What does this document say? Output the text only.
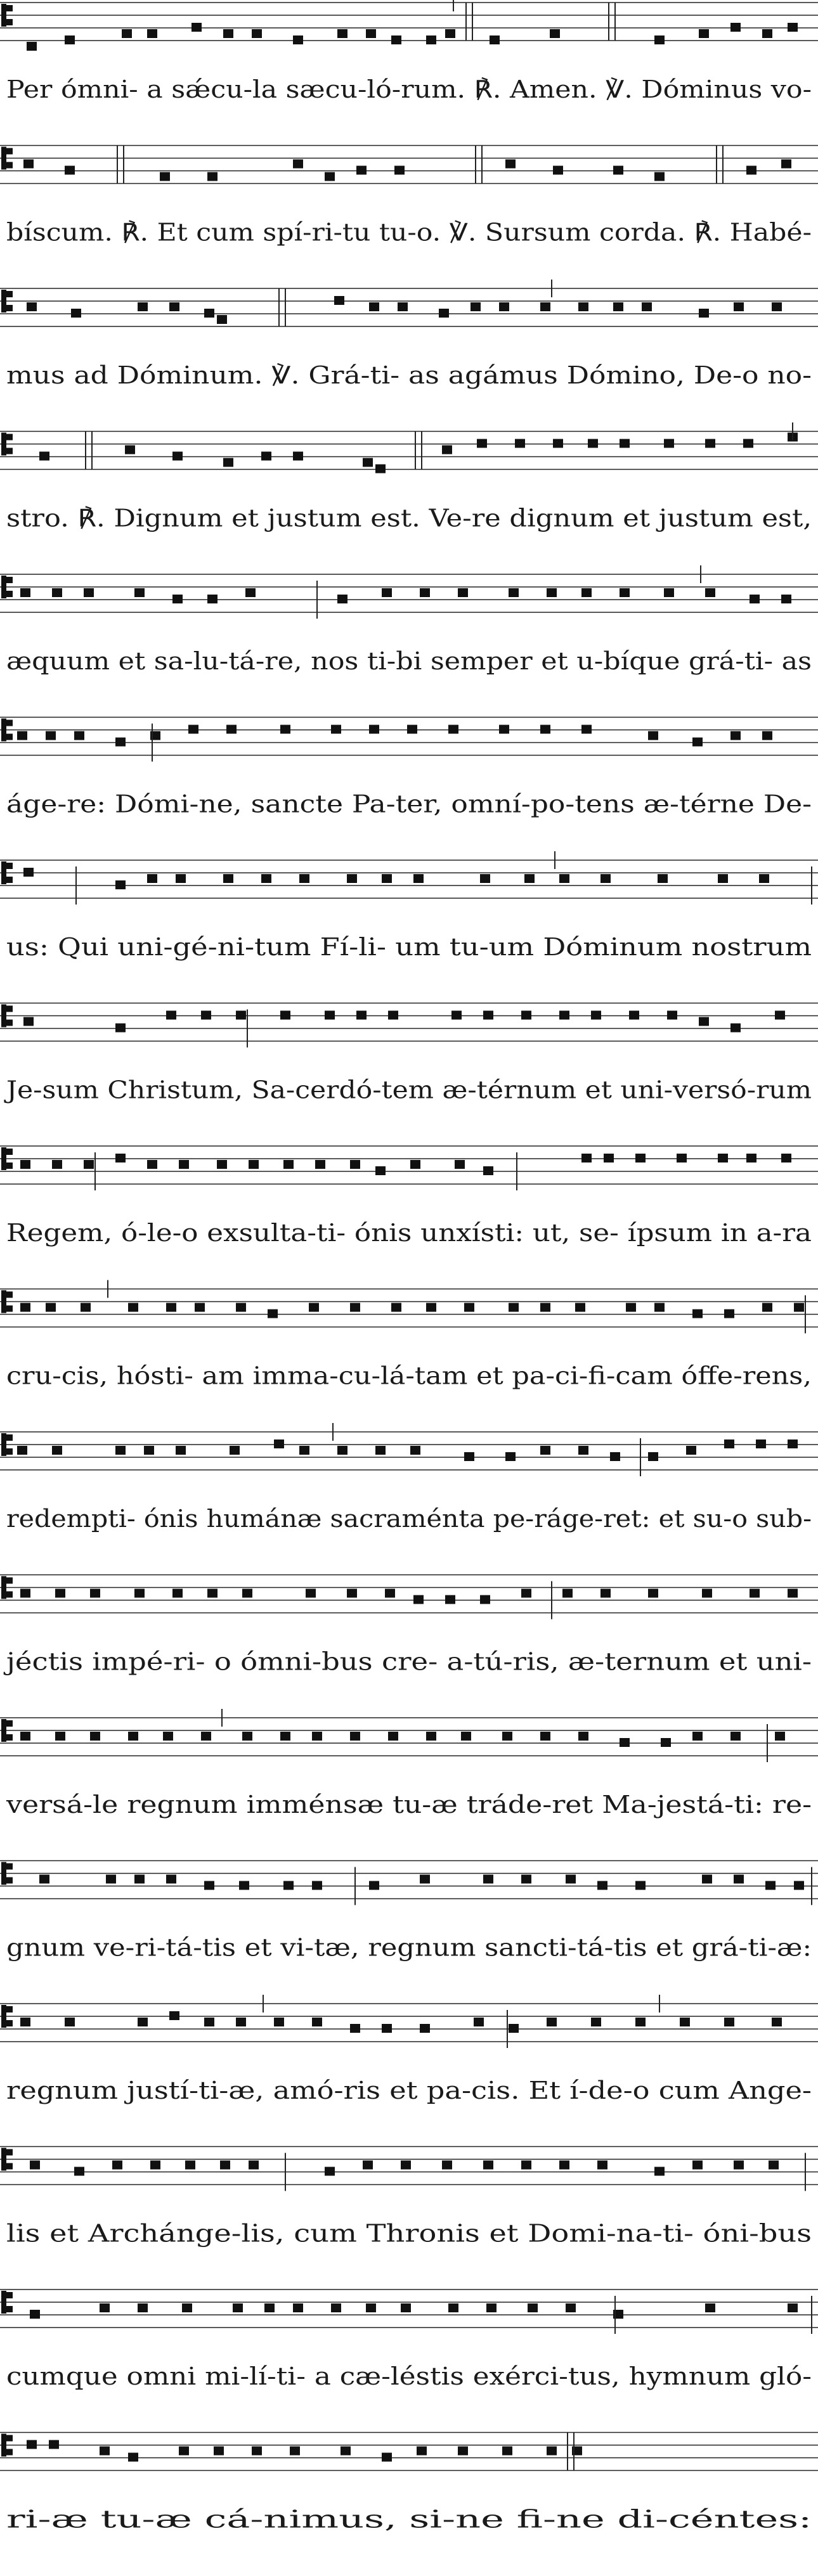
Per ómni- a sǽcu-la sæcu-ló-rum. ℟. Amen. ℣. Dóminus vo-
bíscum. ℟. Et cum spí-ri-tu tu-o. ℣. Sursum corda. ℟. Habé-
mus ad Dóminum. ℣. Grá-ti- as agámus Dómino, De-o no-
stro. ℟. Dignum et justum est. Ve-re dignum et justum est,
æquum et sa-lu-tá-re, nos ti-bi semper et u-bíque grá-ti- as
áge-re: Dómi-ne, sancte Pa-ter, omní-po-tens æ-térne De-
us: Qui uni-gé-ni-tum Fí-li- um tu-um Dóminum nostrum
Je-sum Christum, Sa-cerdó-tem æ-térnum et uni-versó-rum
Regem, ó-le-o exsulta-ti- ónis unxísti: ut, se- ípsum in a-ra
cru-cis, hósti- am imma-cu-lá-tam et pa-ci-fi-cam óffe-rens,
redempti- ónis humánæ sacraménta pe-ráge-ret: et su-o sub-
jéctis impé-ri- o ómni-bus cre- a-tú-ris, æ-ternum et uni-
versá-le regnum imménsæ tu-æ tráde-ret Ma-jestá-ti: re-
gnum ve-ri-tá-tis et vi-tæ, regnum sancti-tá-tis et grá-ti-æ:
regnum justí-ti-æ, amó-ris et pa-cis. Et í-de-o cum Ange-
lis et Archánge-lis, cum Thronis et Domi-na-ti- óni-bus
cumque omni mi-lí-ti- a cæ-léstis exérci-tus, hymnum gló-
ri-æ tu-æ cá-nimus, si-ne fi-ne di-céntes:
